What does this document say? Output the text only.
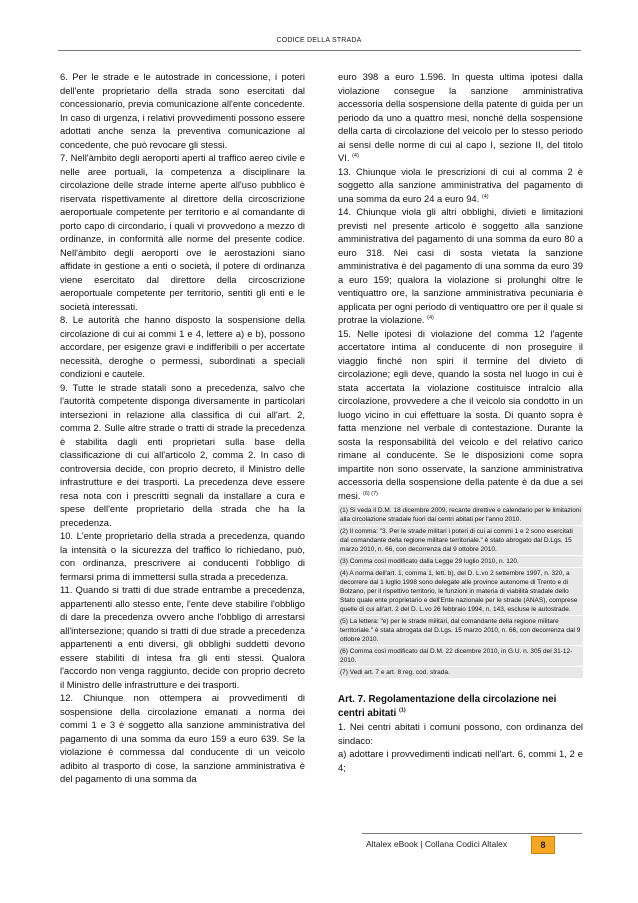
CODICE DELLA STRADA

6. Per le strade e le autostrade in concessione, i poteri dell'ente proprietario della strada sono esercitati dal concessionario, previa comunicazione all'ente concedente. In caso di urgenza, i relativi provvedimenti possono essere adottati anche senza la preventiva comunicazione al concedente, che può revocare gli stessi.

7. Nell'àmbito degli aeroporti aperti al traffico aereo civile e nelle aree portuali, la competenza a disciplinare la circolazione delle strade interne aperte all'uso pubblico è riservata rispettivamente al direttore della circoscrizione aeroportuale competente per territorio e al comandante di porto capo di circondario, i quali vi provvedono a mezzo di ordinanze, in conformità alle norme del presente codice. Nell'àmbito degli aeroporti ove le aerostazioni siano affidate in gestione a enti o società, il potere di ordinanza viene esercitato dal direttore della circoscrizione aeroportuale competente per territorio, sentiti gli enti e le società interessati.

8. Le autorità che hanno disposto la sospensione della circolazione di cui ai commi 1 e 4, lettere a) e b), possono accordare, per esigenze gravi e indifferibili o per accertate necessità, deroghe o permessi, subordinati a speciali condizioni e cautele.

9. Tutte le strade statali sono a precedenza, salvo che l'autorità competente disponga diversamente in particolari intersezioni in relazione alla classifica di cui all'art. 2, comma 2. Sulle altre strade o tratti di strade la precedenza è stabilita dagli enti proprietari sulla base della classificazione di cui all'articolo 2, comma 2. In caso di controversia decide, con proprio decreto, il Ministro delle infrastrutture e dei trasporti. La precedenza deve essere resa nota con i prescritti segnali da installare a cura e spese dell'ente proprietario della strada che ha la precedenza.

10. L'ente proprietario della strada a precedenza, quando la intensità o la sicurezza del traffico lo richiedano, può, con ordinanza, prescrivere ai conducenti l'obbligo di fermarsi prima di immettersi sulla strada a precedenza.

11. Quando si tratti di due strade entrambe a precedenza, appartenenti allo stesso ente, l'ente deve stabilire l'obbligo di dare la precedenza ovvero anche l'obbligo di arrestarsi all'intersezione; quando si tratti di due strade a precedenza appartenenti a enti diversi, gli obblighi suddetti devono essere stabiliti di intesa fra gli enti stessi. Qualora l'accordo non venga raggiunto, decide con proprio decreto il Ministro delle infrastrutture e dei trasporti.

12. Chiunque non ottempera ai provvedimenti di sospensione della circolazione emanati a norma dei commi 1 e 3 è soggetto alla sanzione amministrativa del pagamento di una somma da euro 159 a euro 639. Se la violazione è commessa dal conducente di un veicolo adibito al trasporto di cose, la sanzione amministrativa è del pagamento di una somma da

euro 398 a euro 1.596. In questa ultima ipotesi dalla violazione consegue la sanzione amministrativa accessoria della sospensione della patente di guida per un periodo da uno a quattro mesi, nonché della sospensione della carta di circolazione del veicolo per lo stesso periodo ai sensi delle norme di cui al capo I, sezione II, del titolo VI. $^{(4)}$

13. Chiunque viola le prescrizioni di cui al comma 2 è soggetto alla sanzione amministrativa del pagamento di una somma da euro 24 a euro 94. $^{(4)}$

14. Chiunque viola gli altri obblighi, divieti e limitazioni previsti nel presente articolo è soggetto alla sanzione amministrativa del pagamento di una somma da euro 80 a euro 318. Nei casi di sosta vietata la sanzione amministrativa è del pagamento di una somma da euro 39 a euro 159; qualora la violazione si prolunghi oltre le ventiquattro ore, la sanzione amministrativa pecuniaria è applicata per ogni periodo di ventiquattro ore per il quale si protrae la violazione. $^{(4)}$

15. Nelle ipotesi di violazione del comma 12 l'agente accertatore intima al conducente di non proseguire il viaggio finché non spiri il termine del divieto di circolazione; egli deve, quando la sosta nel luogo in cui è stata accertata la violazione costituisce intralcio alla circolazione, provvedere a che il veicolo sia condotto in un luogo vicino in cui effettuare la sosta. Di quanto sopra è fatta menzione nel verbale di contestazione. Durante la sosta la responsabilità del veicolo e del relativo carico rimane al conducente. Se le disposizioni come sopra impartite non sono osservate, la sanzione amministrativa accessoria della sospensione della patente è da due a sei mesi. $^{(6) (7)}$

(1) Si veda il D.M. 18 dicembre 2009, recante direttive e calendario per le limitazioni alla circolazione stradale fuori dai centri abitati per l'anno 2010.
(2) Il comma: "3. Per le strade militari i poteri di cui ai commi 1 e 2 sono esercitati dal comandante della regione militare territoriale." è stato abrogato dal D.Lgs. 15 marzo 2010, n. 66, con decorrenza dal 9 ottobre 2010.
(3) Comma così modificato dalla Legge 29 luglio 2010, n. 120.
(4) A norma dell'art. 1, comma 1, lett. b), del D. L.vo 2 settembre 1997, n. 320, a decorrere dal 1 luglio 1998 sono delegate alle province autonome di Trento e di Bolzano, per il rispettivo territorio, le funzioni in materia di viabilità stradale dello Stato quale ente proprietario e dell'Ente nazionale per le strade (ANAS), comprese quelle di cui all'art. 2 del D. L.vo 26 febbraio 1994, n. 143, escluse le autostrade.
(5) La lettera: "e) per le strade militari, dal comandante della regione militare territoriale." è stata abrogata dal D.Lgs. 15 marzo 2010, n. 66, con decorrenza dal 9 ottobre 2010.
(6) Comma così modificato dal D.M. 22 dicembre 2010, in G.U. n. 305 del 31-12-2010.
(7) Vedi art. 7 e art. 8 reg. cod. strada.
Art. 7. Regolamentazione della circolazione nei centri abitati $^{(1)}$

1. Nei centri abitati i comuni possono, con ordinanza del sindaco:

a) adottare i provvedimenti indicati nell'art. 6, commi 1, 2 e 4;

Altalex eBook | Collana Codici Altalex	8
